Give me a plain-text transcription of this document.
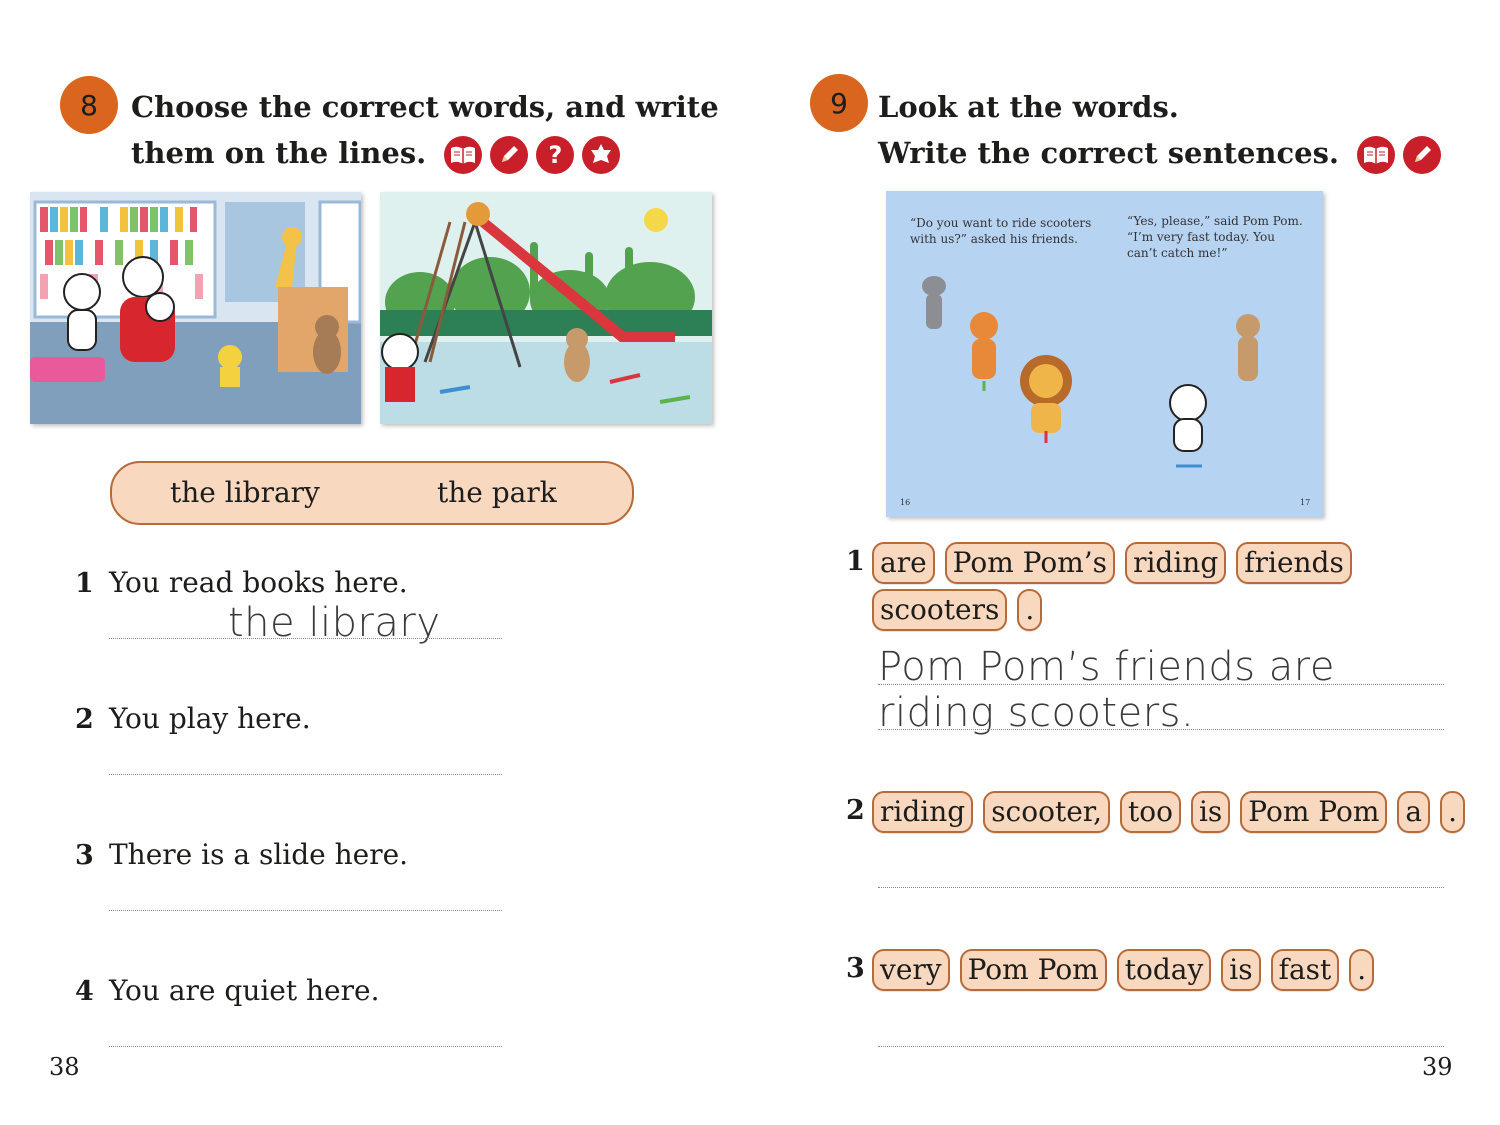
8	Choose the correct words, and write
them on the lines.	?
the library	the park
1 You read books here.
the library
2 You play here.
3 There is a slide here.
4 You are quiet here.
38
9	Look at the words.
Write the correct sentences.
“Do you want to ride scooters
with us?” asked his friends.
“Yes, please,” said Pom Pom.
“I’m very fast today. You
can’t catch me!”
16	17
1 are Pom Pom’s riding friends
scooters .
Pom Pom’s friends are
riding scooters.
2 riding scooter, too is Pom Pom a .
3 very Pom Pom today is fast .
39
